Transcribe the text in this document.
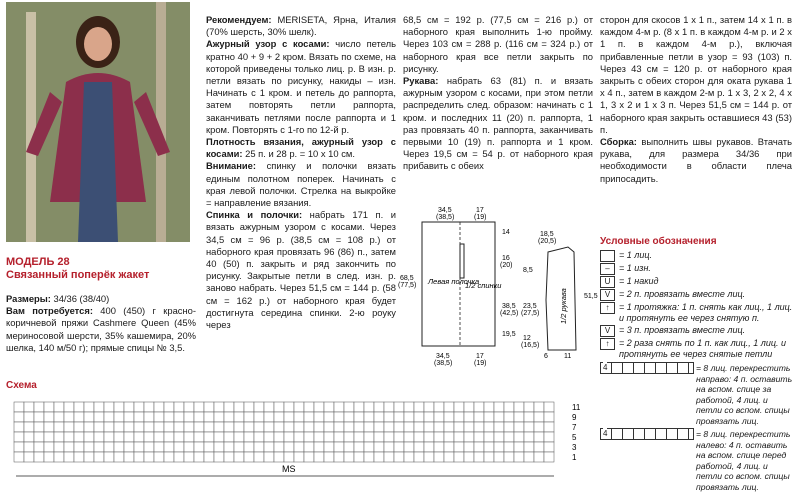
МОДЕЛЬ 28
Связанный поперёк жакет

Размеры: 34/36 (38/40)

Вам потребуется: 400 (450) г красно-коричневой пряжи Cashmere Queen (45% мериносовой шерсти, 35% кашемира, 20% шелка, 140 м/50 г); прямые спицы № 3,5.

Рекомендуем: MERISETA, Ярна, Италия (70% шерсть, 30% шелк).

Ажурный узор с косами: число петель кратно 40 + 9 + 2 кром. Вязать по схеме, на которой приведены только лиц. р. В изн. р. петли вязать по рисунку, накиды – изн. Начинать с 1 кром. и петель до раппорта, затем повторять петли раппорта, заканчивать петлями после раппорта и 1 кром. Повторять с 1-го по 12-й р.

Плотность вязания, ажурный узор с косами: 25 п. и 28 р. = 10 х 10 см.

Внимание: спинку и полочки вязать единым полотном поперек. Начинать с края левой полочки. Стрелка на выкройке = направление вязания.

Спинка и полочки: набрать 171 п. и вязать ажурным узором с косами. Через 34,5 см = 96 р. (38,5 см = 108 р.) от наборного края провязать 96 (86) п., затем 40 (50) п. закрыть и ряд закончить по рисунку. Закрытые петли в след. изн. р. заново набрать. Через 51,5 см = 144 р. (58 см = 162 р.) от наборного края будет достигнута середина спинки. 2-ю роуку через

68,5 см = 192 р. (77,5 см = 216 р.) от наборного края выполнить 1-ю пройму. Через 103 см = 288 р. (116 см = 324 р.) от наборного края все петли закрыть по рисунку.

Рукава: набрать 63 (81) п. и вязать ажурным узором с косами, при этом петли распределить след. образом: начинать с 1 кром. и последних 11 (20) п. раппорта, 1 раз провязать 40 п. раппорта, заканчивать первыми 10 (19) п. раппорта и 1 кром. Через 19,5 см = 54 р. от наборного края прибавить с обеих

сторон для скосов 1 х 1 п., затем 14 х 1 п. в каждом 4-м р. (8 х 1 п. в каждом 4-м р. и 2 х 1 п. в каждом 4-м р.), включая прибавленные петли в узор = 93 (103) п. Через 43 см = 120 р. от наборного края закрыть с обеих сторон для оката рукава 1 х 4 п., затем в каждом 2-м р. 1 х 3, 2 х 2, 4 х 1, 3 х 2 и 1 х 3 п. Через 51,5 см = 144 р. от наборного края закрыть оставшиеся 43 (53) п.

Сборка: выполнить швы рукавов. Втачать рукава, для размера 34/36 при необходимости в области плеча припосадить.

Условные обозначения
= 1 лиц.
–	= 1 изн.
U = 1 накид
V = 2 п. провязать вместе лиц.
↑	= 1 протяжка: 1 п. снять как лиц., 1 лиц. и протянуть ее через снятую п.
V = 3 п. провязать вместе лиц.
↑	= 2 раза снять по 1 п. как лиц., 1 лиц. и протянуть ее через снятые петли
4	= 8 лиц. перекрестить направо: 4 п. оставить на вспом. спице за работой, 4 лиц. и петли со вспом. спицы провязать лиц.
4	= 8 лиц. перекрестить налево: 4 п. оставить на вспом. спице перед работой, 4 лиц. и петли со вспом. спицы провязать лиц.
34,5
(38,5)
17
(19)
68,5
(77,5) Левая полочка
1/2 спинки
14
16
(20)
38,5
(42,5)
19,5
34,5
(38,5)
17
(19)
18,5
(20,5)
8,5
51,5
23,5
(27,5)	1/2 рукава
12
(16,5)
6 11
Схема
11
9
7
5
3
1
MS
